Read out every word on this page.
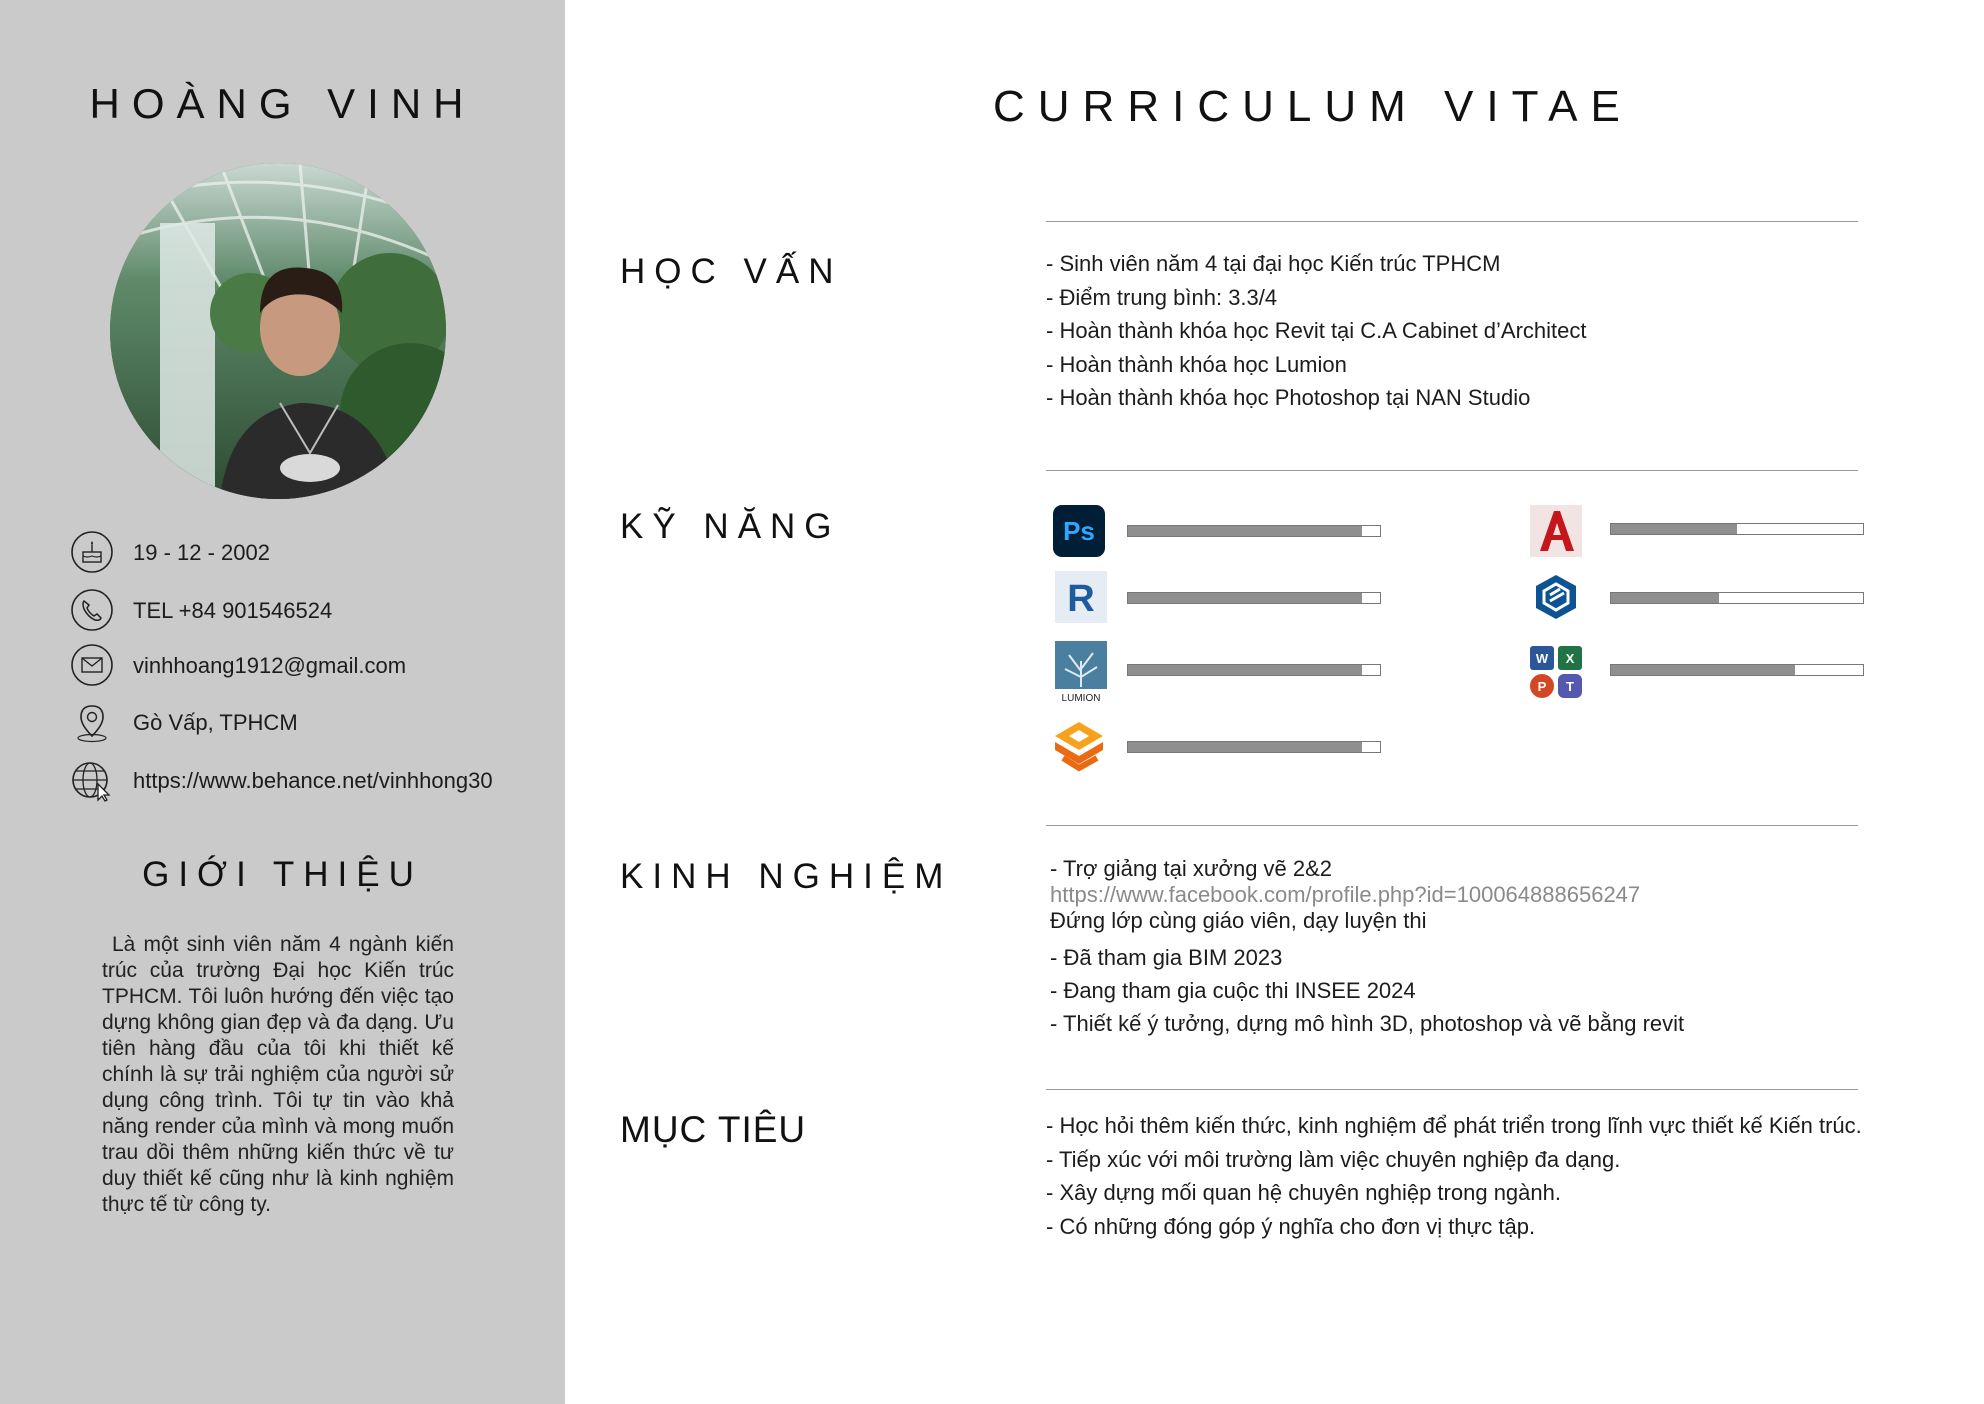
HOÀNG VINH
19 - 12 - 2002
TEL +84 901546524
vinhhoang1912@gmail.com
Gò Vấp, TPHCM
https://www.behance.net/vinhhong30
GIỚI THIỆU
Là một sinh viên năm 4 ngành kiến trúc của trường Đại học Kiến trúc TPHCM. Tôi luôn hướng đến việc tạo dựng không gian đẹp và đa dạng. Ưu tiên hàng đầu của tôi khi thiết kế chính là sự trải nghiệm của người sử dụng công trình. Tôi tự tin vào khả năng render của mình và mong muốn trau dồi thêm những kiến thức về tư duy thiết kế cũng như là kinh nghiệm thực tế từ công ty.
CURRICULUM VITAE
HỌC VẤN	- Sinh viên năm 4 tại đại học Kiến trúc TPHCM
- Điểm trung bình: 3.3/4
- Hoàn thành khóa học Revit tại C.A Cabinet d’Architect
- Hoàn thành khóa học Lumion
- Hoàn thành khóa học Photoshop tại NAN Studio
KỸ NĂNG	Ps
R
LUMION
W X
P T
KINH NGHIỆM	- Trợ giảng tại xưởng vẽ 2&2
https://www.facebook.com/profile.php?id=100064888656247
Đứng lớp cùng giáo viên, dạy luyện thi
- Đã tham gia BIM 2023
- Đang tham gia cuộc thi INSEE 2024
- Thiết kế ý tưởng, dựng mô hình 3D, photoshop và vẽ bằng revit
MỤC TIÊU	- Học hỏi thêm kiến thức, kinh nghiệm để phát triển trong lĩnh vực thiết kế Kiến trúc.
- Tiếp xúc với môi trường làm việc chuyên nghiệp đa dạng.
- Xây dựng mối quan hệ chuyên nghiệp trong ngành.
- Có những đóng góp ý nghĩa cho đơn vị thực tập.
